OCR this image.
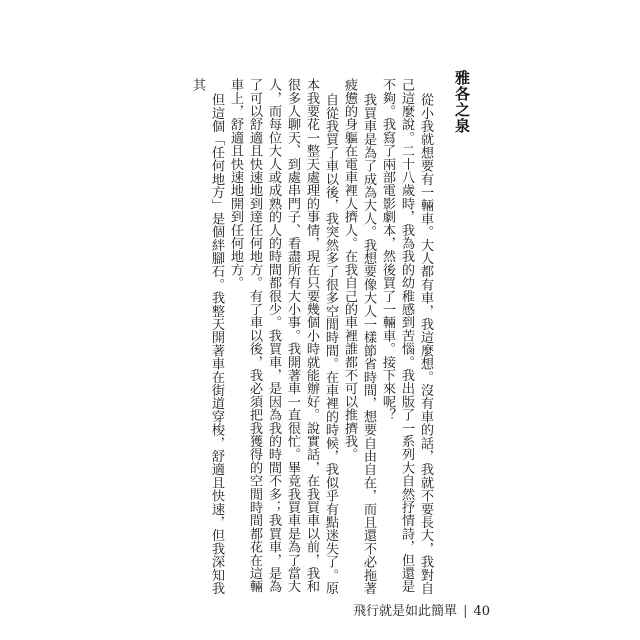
雅各之泉

從小我就想要有一輛車。大人都有車，我這麼想。沒有車的話，我就不要長大，我對自己這麼說。二十八歲時，我為我的幼稚感到苦惱。我出版了一系列大自然抒情詩，但還是不夠。我寫了兩部電影劇本，然後買了一輛車。接下來呢？

我買車是為了成為大人。我想要像大人一樣節省時間，想要自由自在，而且還不必拖著疲憊的身軀在電車裡人擠人。在我自己的車裡誰都不可以推擠我。

自從我買了車以後，我突然多了很多空閒時間。在車裡的時候，我似乎有點迷失了。原本我要花一整天處理的事情，現在只要幾個小時就能辦好。說實話，在我買車以前，我和很多人聊天、到處串門子、看盡所有大小事。我開著車一直很忙。畢竟我買車是為了當大人，而每位大人或成熟的人的時間都很少。我買車，是因為我的時間不多；我買車，是為了可以舒適且快速地到達任何地方。有了車以後，我必須把我獲得的空閒時間都花在這輛車上，舒適且快速地開到任何地方。

但這個「任何地方」是個絆腳石。我整天開著車在街道穿梭，舒適且快速，但我深知我其

飛行就是如此簡單 | 40
